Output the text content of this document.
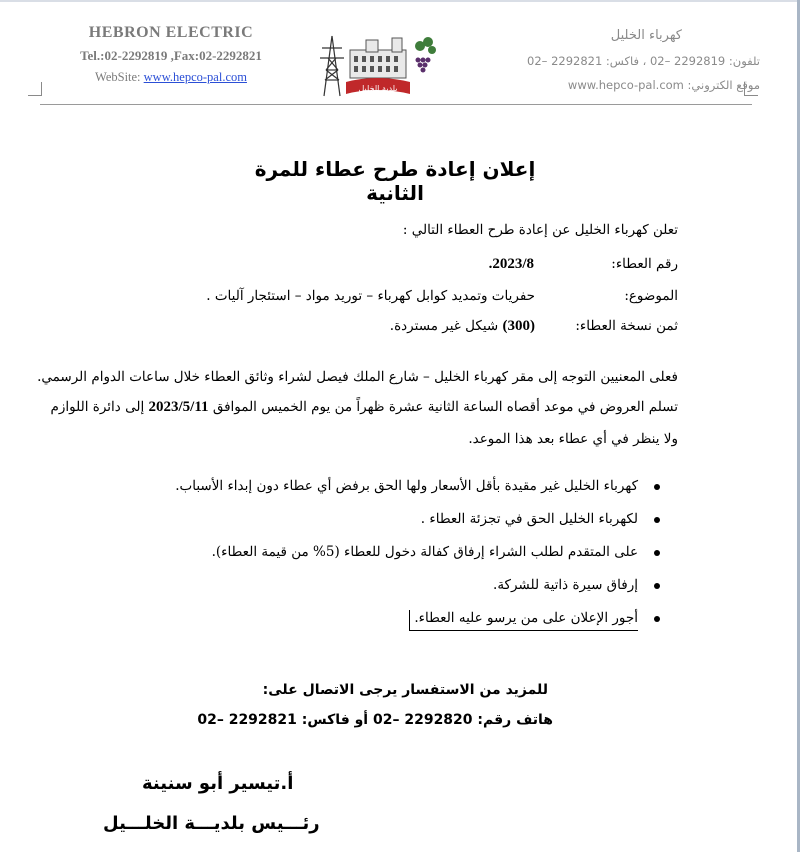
HEBRON ELECTRIC
Tel.:02-2292819 ,Fax:02-2292821
WebSite: www.hepco-pal.com
بلدية الخليل
كهرباء الخليل
تلفون: 2292819 –02 ، فاكس: 2292821 –02
موقع الكتروني: www.hepco-pal.com
إعلان إعادة طرح عطاء للمرة الثانية
تعلن كهرباء الخليل عن إعادة طرح العطاء التالي :
رقم العطاء:
2023/8.
الموضوع:
حفريات وتمديد كوابل كهرباء – توريد مواد – استئجار آليات .
ثمن نسخة العطاء:
(300) شيكل غير مستردة.
فعلى المعنيين التوجه إلى مقر كهرباء الخليل – شارع الملك فيصل لشراء وثائق العطاء خلال ساعات الدوام الرسمي.
تسلم العروض في موعد أقصاه الساعة الثانية عشرة ظهراً من يوم الخميس الموافق 2023/5/11 إلى دائرة اللوازم
ولا ينظر في أي عطاء بعد هذا الموعد.
كهرباء الخليل غير مقيدة بأقل الأسعار ولها الحق برفض أي عطاء دون إبداء الأسباب.
لكهرباء الخليل الحق في تجزئة العطاء .
على المتقدم لطلب الشراء إرفاق كفالة دخول للعطاء (5% من قيمة العطاء).
إرفاق سيرة ذاتية للشركة.
أجور الإعلان على من يرسو عليه العطاء.
للمزيد من الاستفسار يرجى الاتصال على:
هاتف رقم: 2292820 –02 أو فاكس: 2292821 –02
أ.تيسير أبو سنينة
رئـــيس بلديـــة الخلـــيل
